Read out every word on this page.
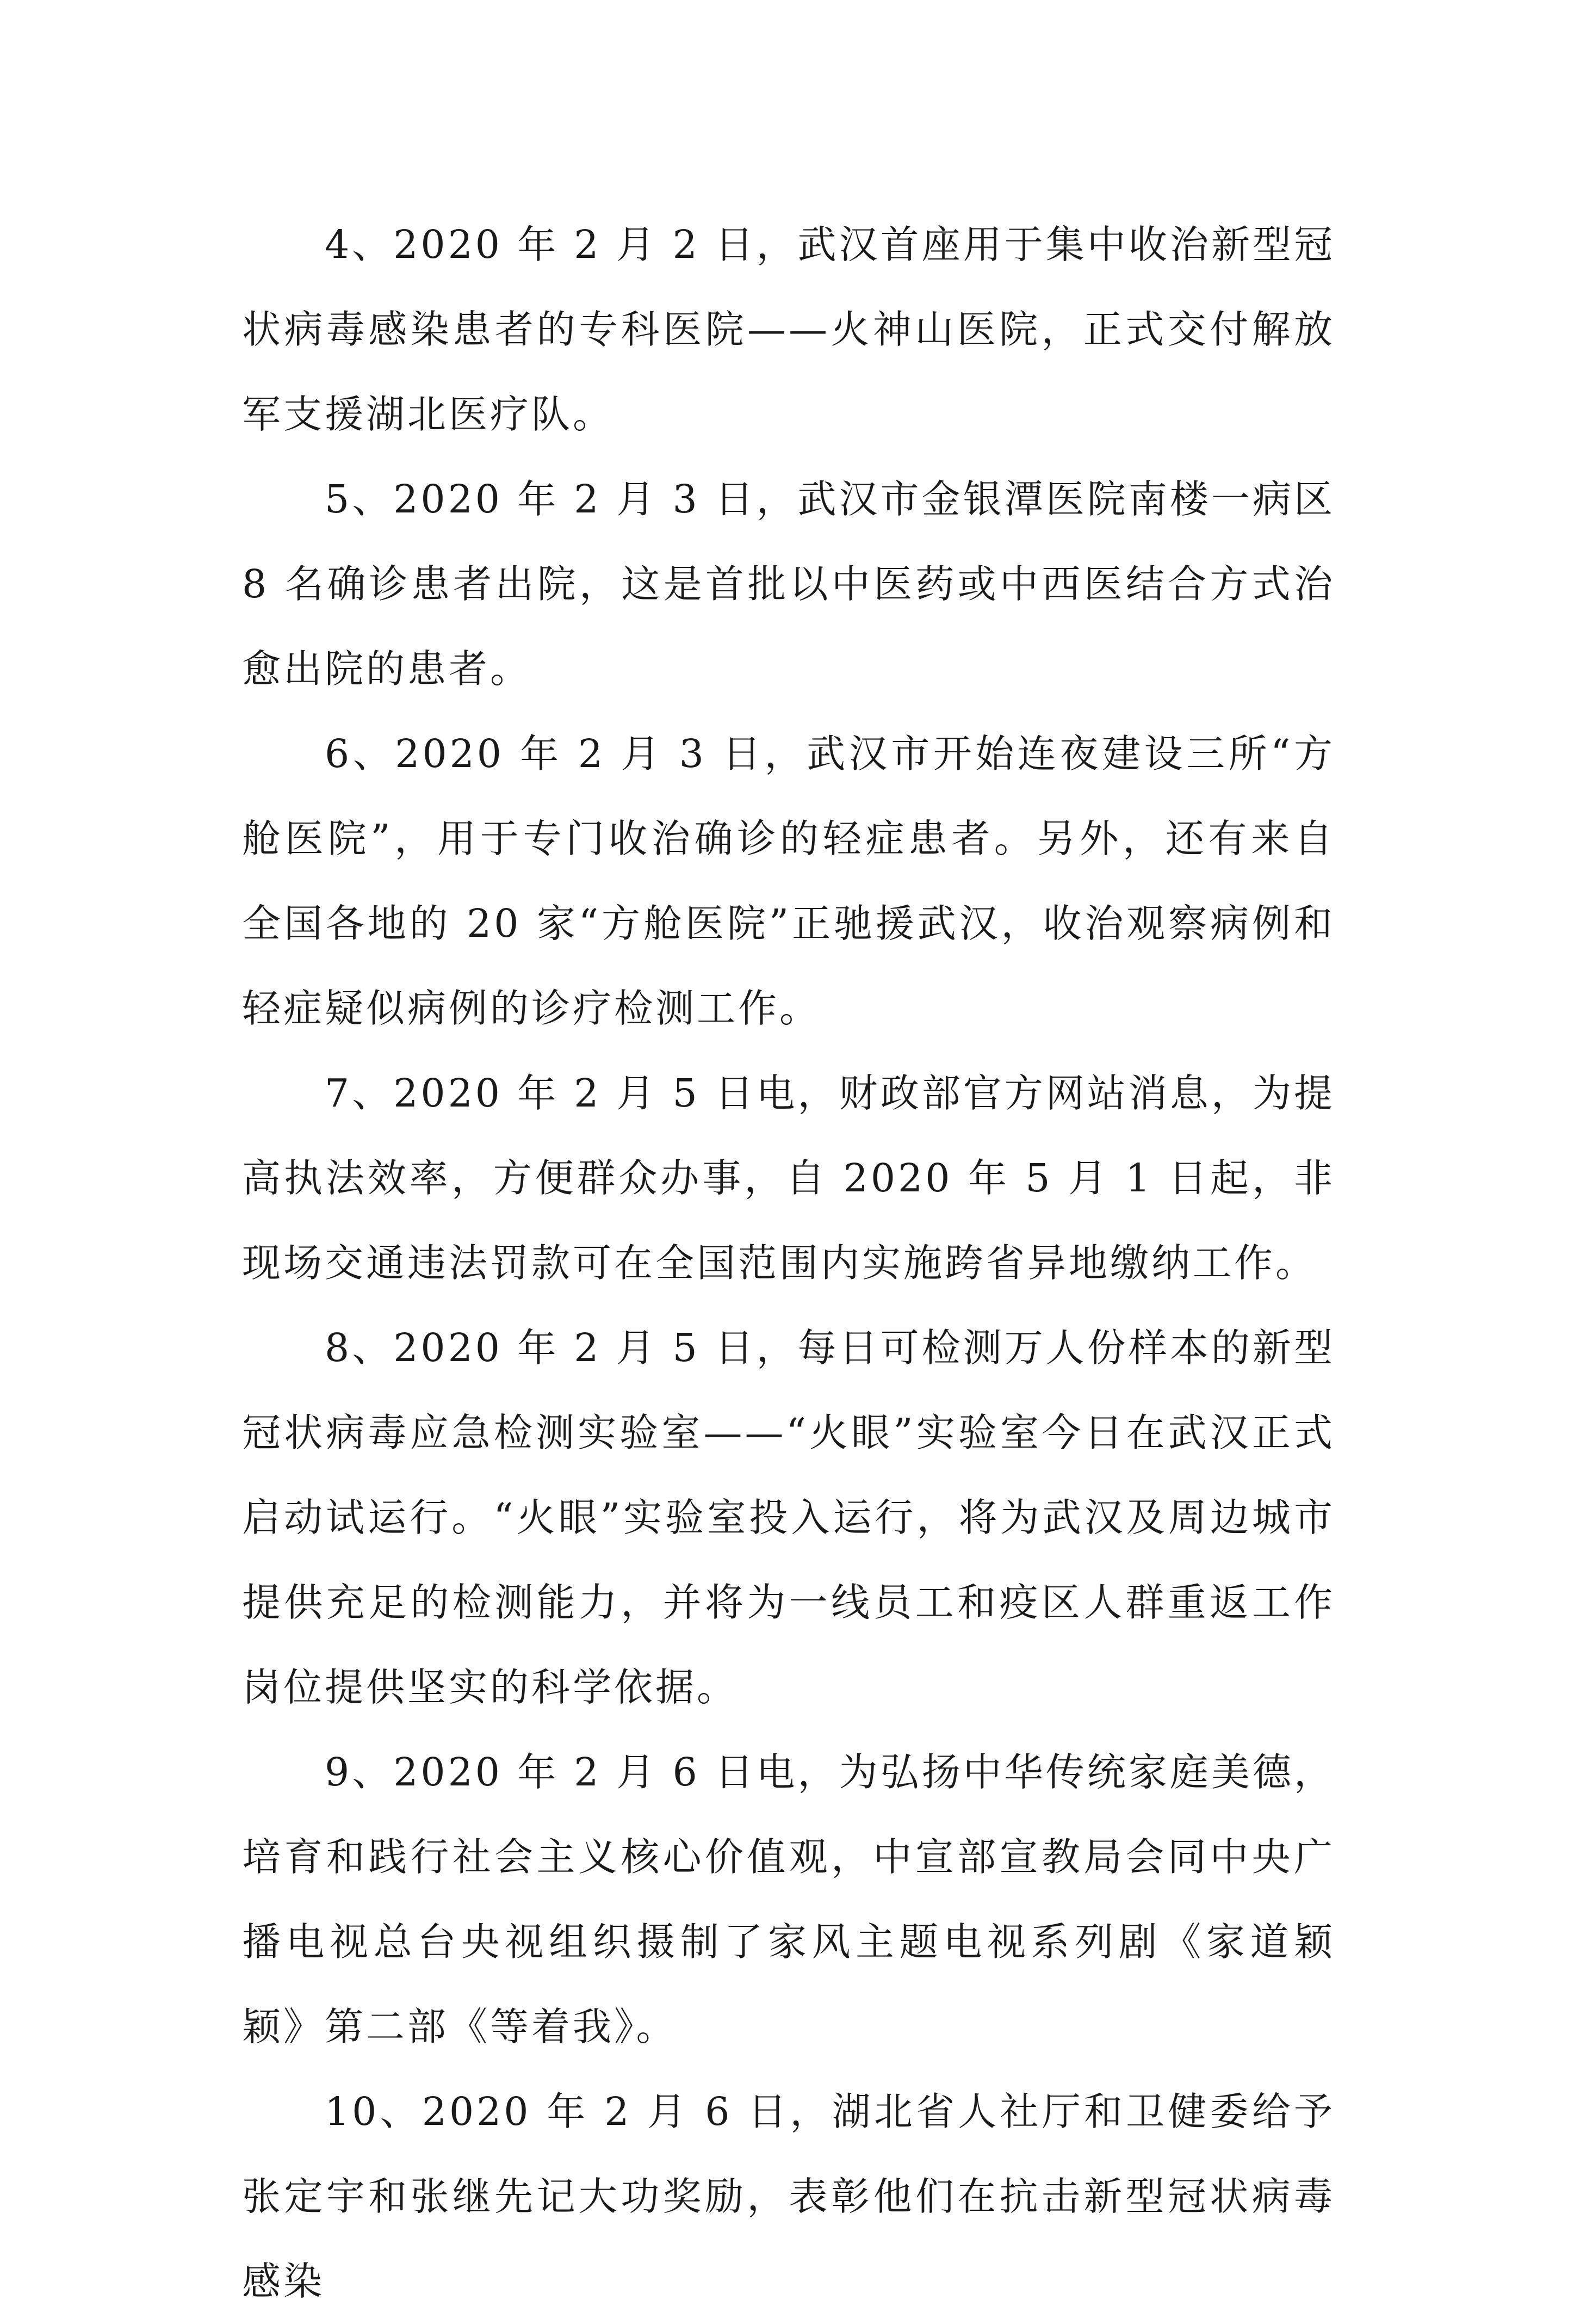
4、2020 年 2 月 2 日，武汉首座用于集中收治新型冠状病毒感染患者的专科医院——火神山医院，正式交付解放军支援湖北医疗队。

5、2020 年 2 月 3 日，武汉市金银潭医院南楼一病区 8 名确诊患者出院，这是首批以中医药或中西医结合方式治愈出院的患者。

6、2020 年 2 月 3 日，武汉市开始连夜建设三所“方舱医院”，用于专门收治确诊的轻症患者。另外，还有来自全国各地的 20 家“方舱医院”正驰援武汉，收治观察病例和轻症疑似病例的诊疗检测工作。

7、2020 年 2 月 5 日电，财政部官方网站消息，为提高执法效率，方便群众办事，自 2020 年 5 月 1 日起，非现场交通违法罚款可在全国范围内实施跨省异地缴纳工作。

8、2020 年 2 月 5 日，每日可检测万人份样本的新型冠状病毒应急检测实验室——“火眼”实验室今日在武汉正式启动试运行。“火眼”实验室投入运行，将为武汉及周边城市提供充足的检测能力，并将为一线员工和疫区人群重返工作岗位提供坚实的科学依据。

9、2020 年 2 月 6 日电，为弘扬中华传统家庭美德，培育和践行社会主义核心价值观，中宣部宣教局会同中央广播电视总台央视组织摄制了家风主题电视系列剧《家道颖颖》第二部《等着我》。

10、2020 年 2 月 6 日，湖北省人社厅和卫健委给予张定宇和张继先记大功奖励，表彰他们在抗击新型冠状病毒感染
